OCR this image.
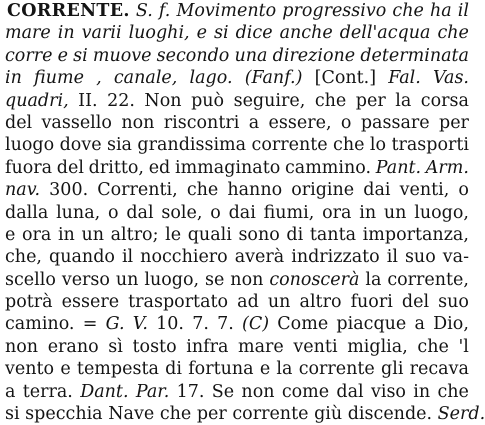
CORRENTE. S. f. Movimento progressivo che ha il
mare in varii luoghi, e si dice anche dell'acqua che
corre e si muove secondo una direzione determinata
in fiume , canale, lago. (Fanf.) [Cont.] Fal. Vas.
quadri, II. 22. Non può seguire, che per la corsa
del vassello non riscontri a essere, o passare per
luogo dove sia grandissima corrente che lo trasporti
fuora del dritto, ed immaginato cammino. Pant. Arm.
nav. 300. Correnti, che hanno origine dai venti, o
dalla luna, o dal sole, o dai fiumi, ora in un luogo,
e ora in un altro; le quali sono di tanta importanza,
che, quando il nocchiero averà indrizzato il suo va-
scello verso un luogo, se non conoscerà la corrente,
potrà essere trasportato ad un altro fuori del suo
camino. = G. V. 10. 7. 7. (C) Come piacque a Dio,
non erano sì tosto infra mare venti miglia, che 'l
vento e tempesta di fortuna e la corrente gli recava
a terra. Dant. Par. 17. Se non come dal viso in che
si specchia Nave che per corrente giù discende. Serd.
